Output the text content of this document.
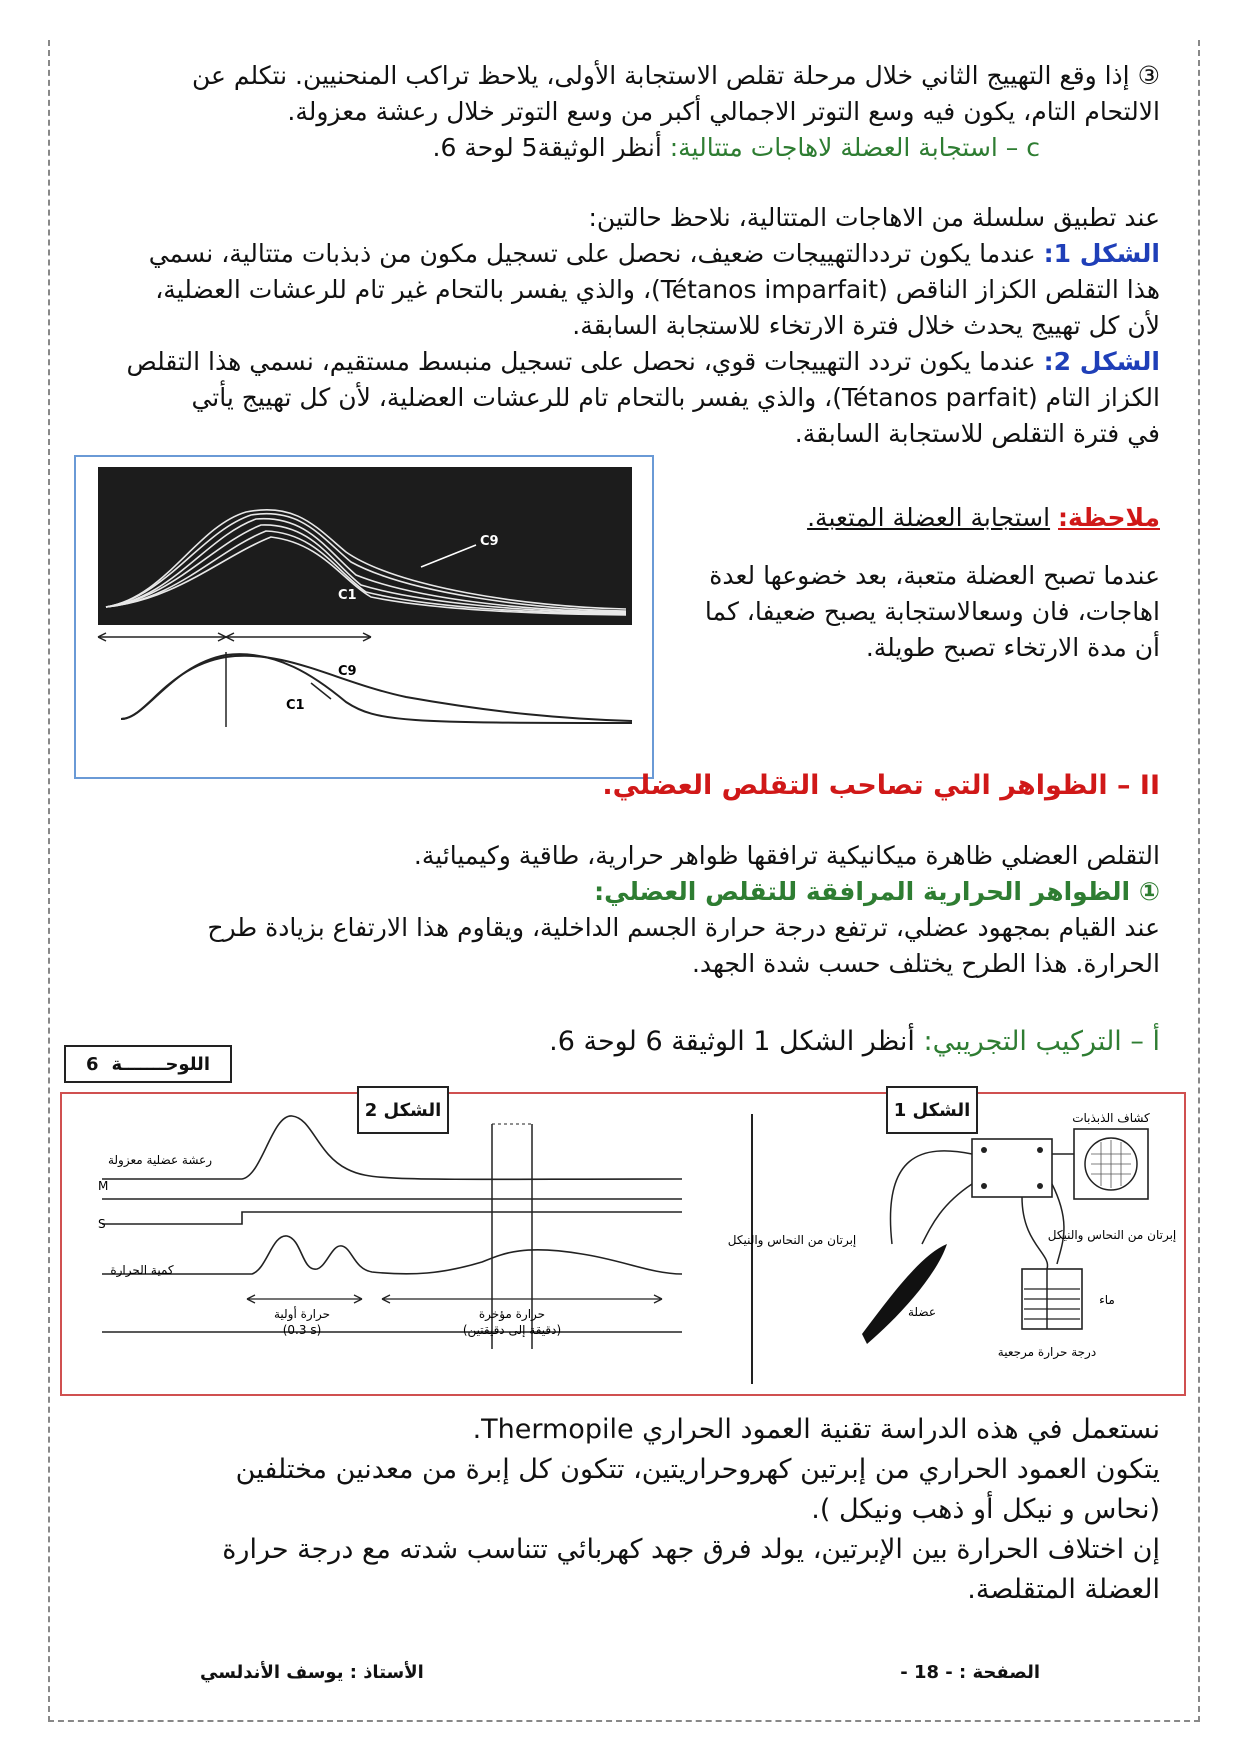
③ إذا وقع التهييج الثاني خلال مرحلة تقلص الاستجابة الأولى، يلاحظ تراكب المنحنيين. نتكلم عن
الالتحام التام، يكون فيه وسع التوتر الاجمالي أكبر من وسع التوتر خلال رعشة معزولة.
c – استجابة العضلة لاهاجات متتالية: أنظر الوثيقة5 لوحة 6.
عند تطبيق سلسلة من الاهاجات المتتالية، نلاحظ حالتين:
الشكل 1: عندما يكون ترددالتهييجات ضعيف، نحصل على تسجيل مكون من ذبذبات متتالية، نسمي
هذا التقلص الكزاز الناقص (Tétanos imparfait)، والذي يفسر بالتحام غير تام للرعشات العضلية،
لأن كل تهييج يحدث خلال فترة الارتخاء للاستجابة السابقة.
الشكل 2: عندما يكون تردد التهييجات قوي، نحصل على تسجيل منبسط مستقيم، نسمي هذا التقلص
الكزاز التام (Tétanos parfait)، والذي يفسر بالتحام تام للرعشات العضلية، لأن كل تهييج يأتي
في فترة التقلص للاستجابة السابقة.
ملاحظة: استجابة العضلة المتعبة.
عندما تصبح العضلة متعبة، بعد خضوعها لعدة
اهاجات، فان وسعالاستجابة يصبح ضعيفا، كما
أن مدة الارتخاء تصبح طويلة.
C9
C1
C9
C1
II – الظواهر التي تصاحب التقلص العضلي.
التقلص العضلي ظاهرة ميكانيكية ترافقها ظواهر حرارية، طاقية وكيميائية.
① الظواهر الحرارية المرافقة للتقلص العضلي:
عند القيام بمجهود عضلي، ترتفع درجة حرارة الجسم الداخلية، ويقاوم هذا الارتفاع بزيادة طرح
الحرارة. هذا الطرح يختلف حسب شدة الجهد.
أ – التركيب التجريبي: أنظر الشكل 1 الوثيقة 6 لوحة 6.
رعشة عضلية معزولة
M
S
كمية الحرارة
حرارة أولية
(0.3 s)
حرارة مؤخرة
(دقيقة إلى دقيقتين)
كشاف الذبذبات
إبرتان من النحاس والنيكل	إبرتان من النحاس والنيكل
عضلة
ماء
درجة حرارة مرجعية
الشكل 2	الشكل 1
اللوحـــــــة
6
نستعمل في هذه الدراسة تقنية العمود الحراري Thermopile.
يتكون العمود الحراري من إبرتين كهروحراريتين، تتكون كل إبرة من معدنين مختلفين
(نحاس و نيكل أو ذهب ونيكل ).
إن اختلاف الحرارة بين الإبرتين، يولد فرق جهد كهربائي تتناسب شدته مع درجة حرارة
العضلة المتقلصة.
الصفحة : - 18 -
الأستاذ : يوسف الأندلسي
